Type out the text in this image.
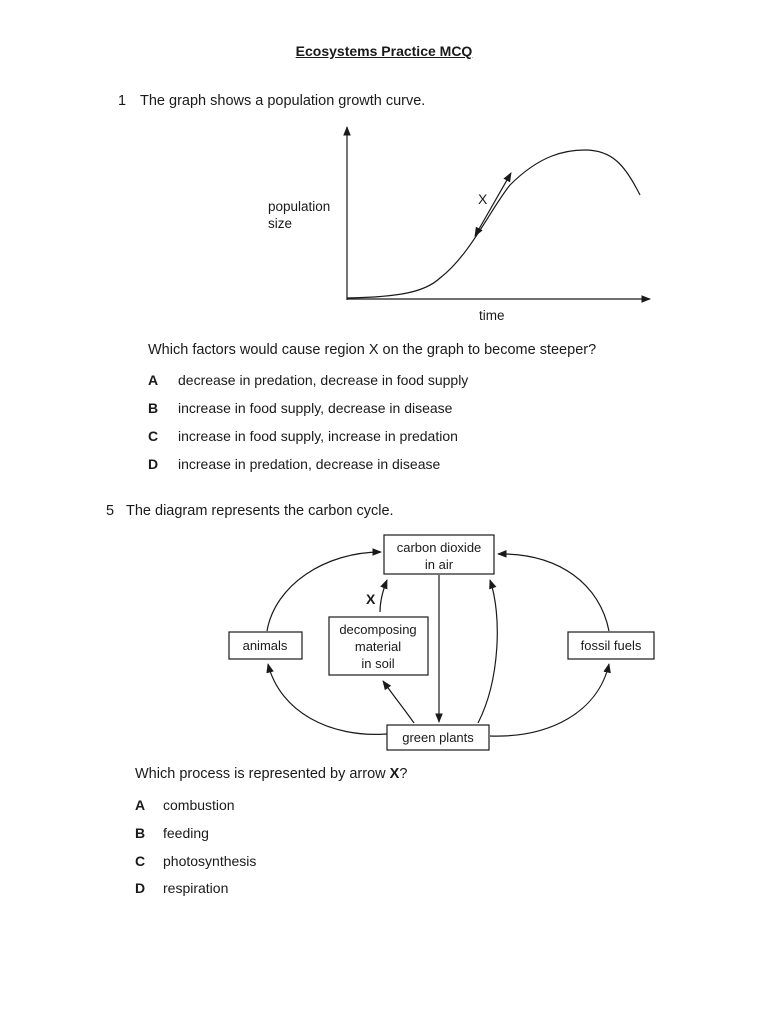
Ecosystems Practice MCQ
1 The graph shows a population growth curve.
X
population
size
time
carbon dioxide
in air
animals
decomposing
material
in soil
fossil fuels
green plants
X
Which factors would cause region X on the graph to become steeper?
A decrease in predation, decrease in food supply
B increase in food supply, decrease in disease
C increase in food supply, increase in predation
D increase in predation, decrease in disease
5 The diagram represents the carbon cycle.
Which process is represented by arrow X?
A combustion
B feeding
C photosynthesis
D respiration
